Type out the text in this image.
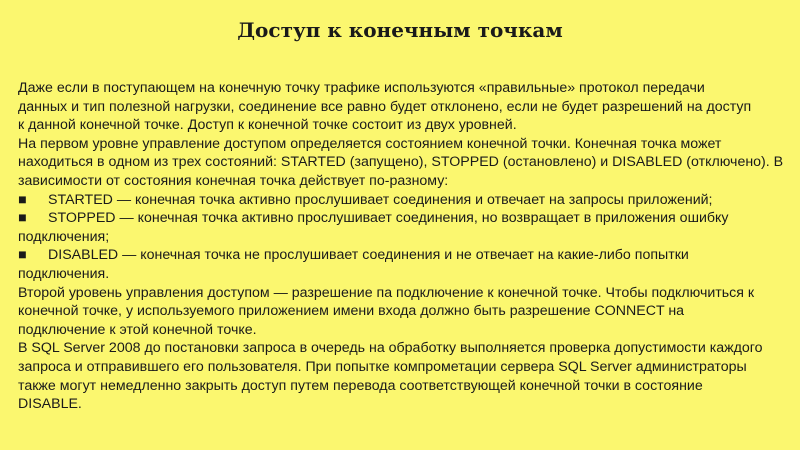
Доступ к конечным точкам
Даже если в поступающем на конечную точку трафике используются «правильные» протокол передачи
данных и тип полезной нагрузки, соединение все равно будет отклонено, если не будет разрешений на доступ
к данной конечной точке. Доступ к конечной точке состоит из двух уровней.
На первом уровне управление доступом определяется состоянием конечной точки. Конечная точка может
находиться в одном из трех состояний: STARTED (запущено), STOPPED (остановлено) и DISABLED (отключено). В
зависимости от состояния конечная точка действует по-разному:
■ STARTED — конечная точка активно прослушивает соединения и отвечает на запросы приложений;
■ STOPPED — конечная точка активно прослушивает соединения, но возвращает в приложения ошибку
подключения;
■ DISABLED — конечная точка не прослушивает соединения и не отвечает на какие-либо попытки
подключения.
Второй уровень управления доступом — разрешение па подключение к конечной точке. Чтобы подключиться к
конечной точке, у используемого приложением имени входа должно быть разрешение CONNECT на
подключение к этой конечной точке.
В SQL Server 2008 до постановки запроса в очередь на обработку выполняется проверка допустимости каждого
запроса и отправившего его пользователя. При попытке компрометации сервера SQL Server администраторы
также могут немедленно закрыть доступ путем перевода соответствующей конечной точки в состояние
DISABLE.
